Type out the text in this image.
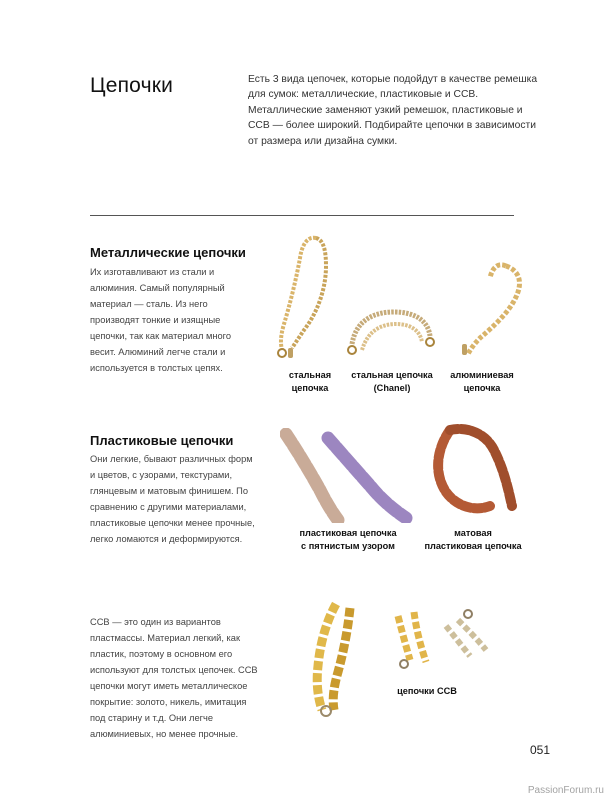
Цепочки	Есть 3 вида цепочек, которые подойдут в качестве ремешка для сумок: металлические, пластиковые и ССВ. Металлические заменяют узкий ремешок, пластиковые и ССВ — более широкий. Подбирайте цепочки в зависимости от размера или дизайна сумки.

Металлические цепочки

Их изготавливают из стали и алюминия. Самый популярный материал — сталь. Из него производят тонкие и изящные цепочки, так как материал много весит. Алюминий легче стали и используется в толстых цепях.

стальная
цепочка
стальная цепочка
(Chanel)
алюминиевая
цепочка
Пластиковые цепочки

Они легкие, бывают различных форм и цветов, с узорами, текстурами, глянцевым и матовым финишем. По сравнению с другими материалами, пластиковые цепочки менее прочные, легко ломаются и деформируются.

пластиковая цепочка
с пятнистым узором
матовая
пластиковая цепочка

ССВ — это один из вариантов пластмассы. Материал легкий, как пластик, поэтому в основном его используют для толстых цепочек. ССВ цепочки могут иметь металлическое покрытие: золото, никель, имитация под старину и т.д. Они легче алюминиевых, но менее прочные.

цепочки ССВ
051
PassionForum.ru
